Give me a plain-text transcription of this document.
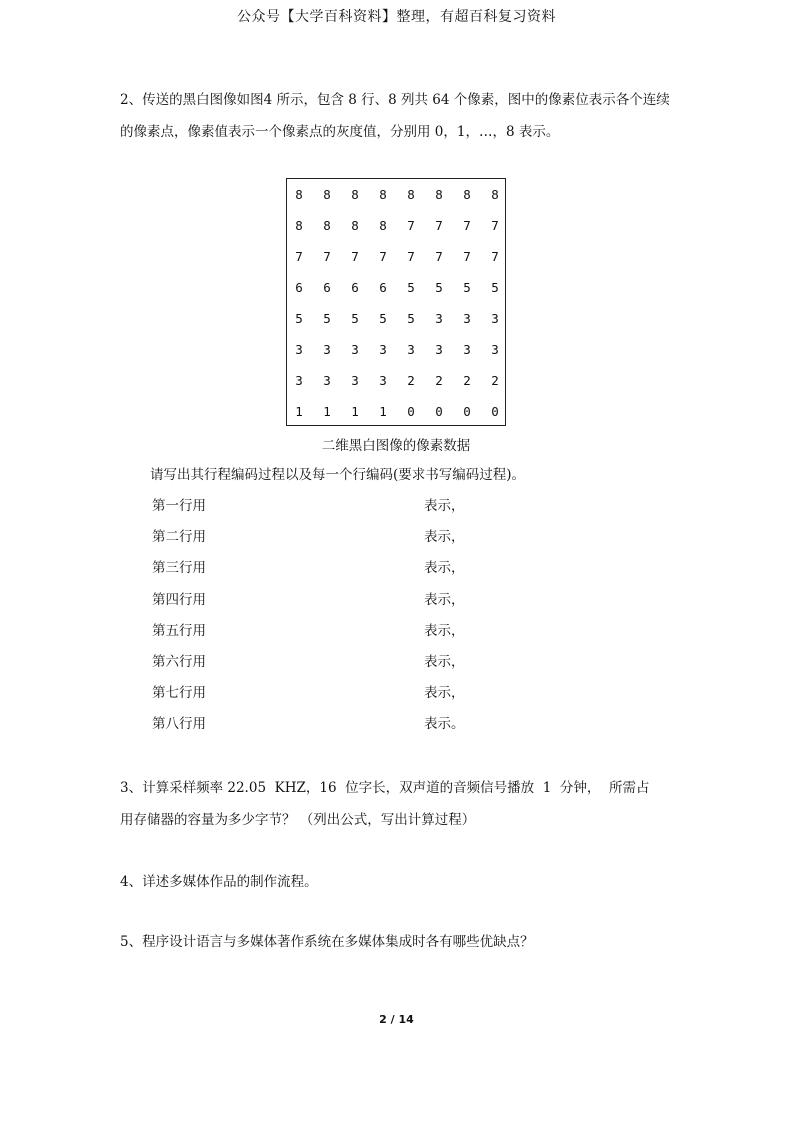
公众号【大学百科资料】整理，有超百科复习资料
2、传送的黑白图像如图4 所示，包含 8 行、8 列共 64 个像素，图中的像素位表示各个连续
的像素点，像素值表示一个像素点的灰度值，分别用 0，1，…，8 表示。
8	8	8	8	8	8	8	8
8	8	8	8	7	7	7	7
7	7	7	7	7	7	7	7
6	6	6	6	5	5	5	5
5	5	5	5	5	3	3	3
3	3	3	3	3	3	3	3
3	3	3	3	2	2	2	2
1	1	1	1	0	0	0	0
二维黑白图像的像素数据
请写出其行程编码过程以及每一个行编码(要求书写编码过程)。
第一行用	表示，
第二行用	表示，
第三行用	表示，
第四行用	表示，
第五行用	表示，
第六行用	表示，
第七行用	表示，
第八行用	表示。
3、计算采样频率 22.05  KHZ，16  位字长，双声道的音频信号播放  1  分钟，  所需占
用存储器的容量为多少字节？ （列出公式，写出计算过程）
4、详述多媒体作品的制作流程。
5、程序设计语言与多媒体著作系统在多媒体集成时各有哪些优缺点？
2 / 14
